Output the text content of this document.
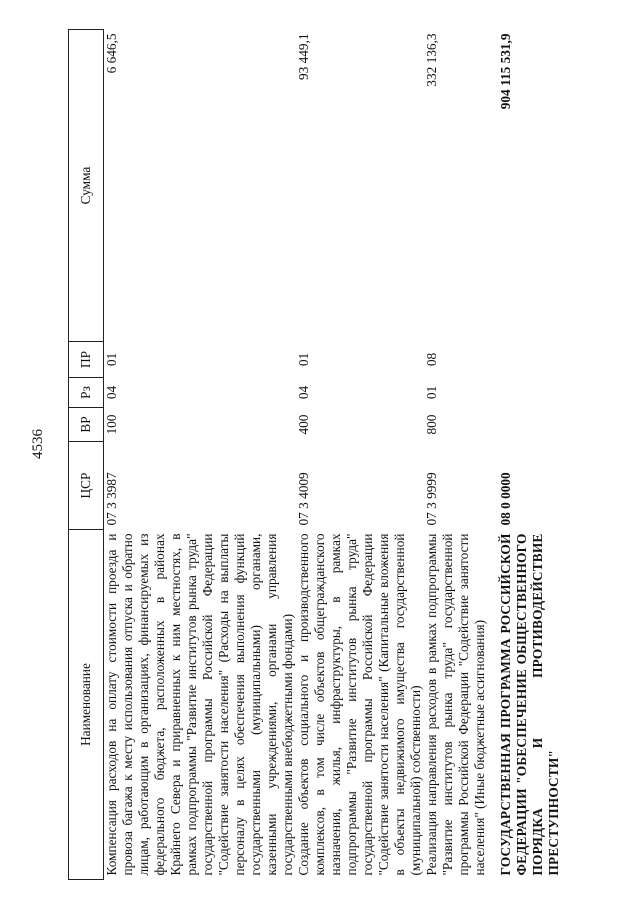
4536
Наименование	ЦСР	ВР	Рз	ПР	Сумма
Компенсация расходов на оплату стоимости проезда и провоза багажа к месту использования отпуска и обратно лицам, работающим в организациях, финансируемых из федерального бюджета, расположенных в районах Крайнего Севера и приравненных к ним местностях, в рамках подпрограммы "Развитие институтов рынка труда" государственной программы Российской Федерации "Содействие занятости населения" (Расходы на выплаты персоналу в целях обеспечения выполнения функций государственными (муниципальными) органами, казенными учреждениями, органами управления государственными внебюджетными фондами)	07 3 3987	100	04	01	6 646,5
Создание объектов социального и производственного комплексов, в том числе объектов общегражданского назначения, жилья, инфраструктуры, в рамках подпрограммы "Развитие институтов рынка труда" государственной программы Российской Федерации "Содействие занятости населения" (Капитальные вложения в объекты недвижимого имущества государственной (муниципальной) собственности)	07 3 4009	400	04	01	93 449,1
Реализация направления расходов в рамках подпрограммы "Развитие институтов рынка труда" государственной программы Российской Федерации "Содействие занятости населения" (Иные бюджетные ассигнования)	07 3 9999	800	01	08	332 136,3
ГОСУДАРСТВЕННАЯ ПРОГРАММА РОССИЙСКОЙ ФЕДЕРАЦИИ "ОБЕСПЕЧЕНИЕ ОБЩЕСТВЕННОГО ПОРЯДКА И ПРОТИВОДЕЙСТВИЕ ПРЕСТУПНОСТИ"	08 0 0000				904 115 531,9
